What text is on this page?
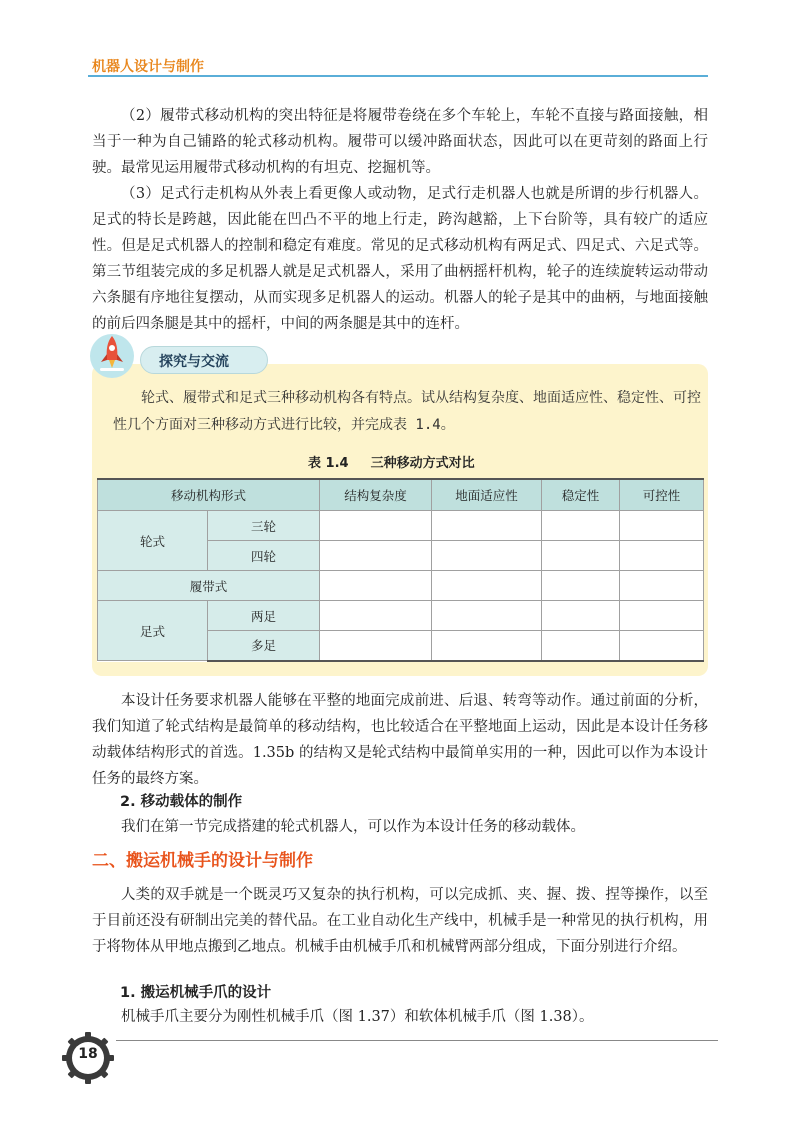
机器人设计与制作

（2）履带式移动机构的突出特征是将履带卷绕在多个车轮上，车轮不直接与路面接触，相当于一种为自己铺路的轮式移动机构。履带可以缓冲路面状态，因此可以在更苛刻的路面上行驶。最常见运用履带式移动机构的有坦克、挖掘机等。

（3）足式行走机构从外表上看更像人或动物，足式行走机器人也就是所谓的步行机器人。足式的特长是跨越，因此能在凹凸不平的地上行走，跨沟越豁，上下台阶等，具有较广的适应性。但是足式机器人的控制和稳定有难度。常见的足式移动机构有两足式、四足式、六足式等。第三节组装完成的多足机器人就是足式机器人，采用了曲柄摇杆机构，轮子的连续旋转运动带动六条腿有序地往复摆动，从而实现多足机器人的运动。机器人的轮子是其中的曲柄，与地面接触的前后四条腿是其中的摇杆，中间的两条腿是其中的连杆。

探究与交流

轮式、履带式和足式三种移动机构各有特点。试从结构复杂度、地面适应性、稳定性、可控性几个方面对三种移动方式进行比较，并完成表 1.4。

表 1.4 三种移动方式对比
移动机构形式		结构复杂度	地面适应性	稳定性	可控性
轮式	三轮				
	四轮				
履带式					
足式	两足				
	多足				

本设计任务要求机器人能够在平整的地面完成前进、后退、转弯等动作。通过前面的分析，我们知道了轮式结构是最简单的移动结构，也比较适合在平整地面上运动，因此是本设计任务移动载体结构形式的首选。1.35b 的结构又是轮式结构中最简单实用的一种，因此可以作为本设计任务的最终方案。

2. 移动载体的制作

我们在第一节完成搭建的轮式机器人，可以作为本设计任务的移动载体。

二、搬运机械手的设计与制作

人类的双手就是一个既灵巧又复杂的执行机构，可以完成抓、夹、握、拨、捏等操作，以至于目前还没有研制出完美的替代品。在工业自动化生产线中，机械手是一种常见的执行机构，用于将物体从甲地点搬到乙地点。机械手由机械手爪和机械臂两部分组成，下面分别进行介绍。

1. 搬运机械手爪的设计

机械手爪主要分为刚性机械手爪（图 1.37）和软体机械手爪（图 1.38）。

18
